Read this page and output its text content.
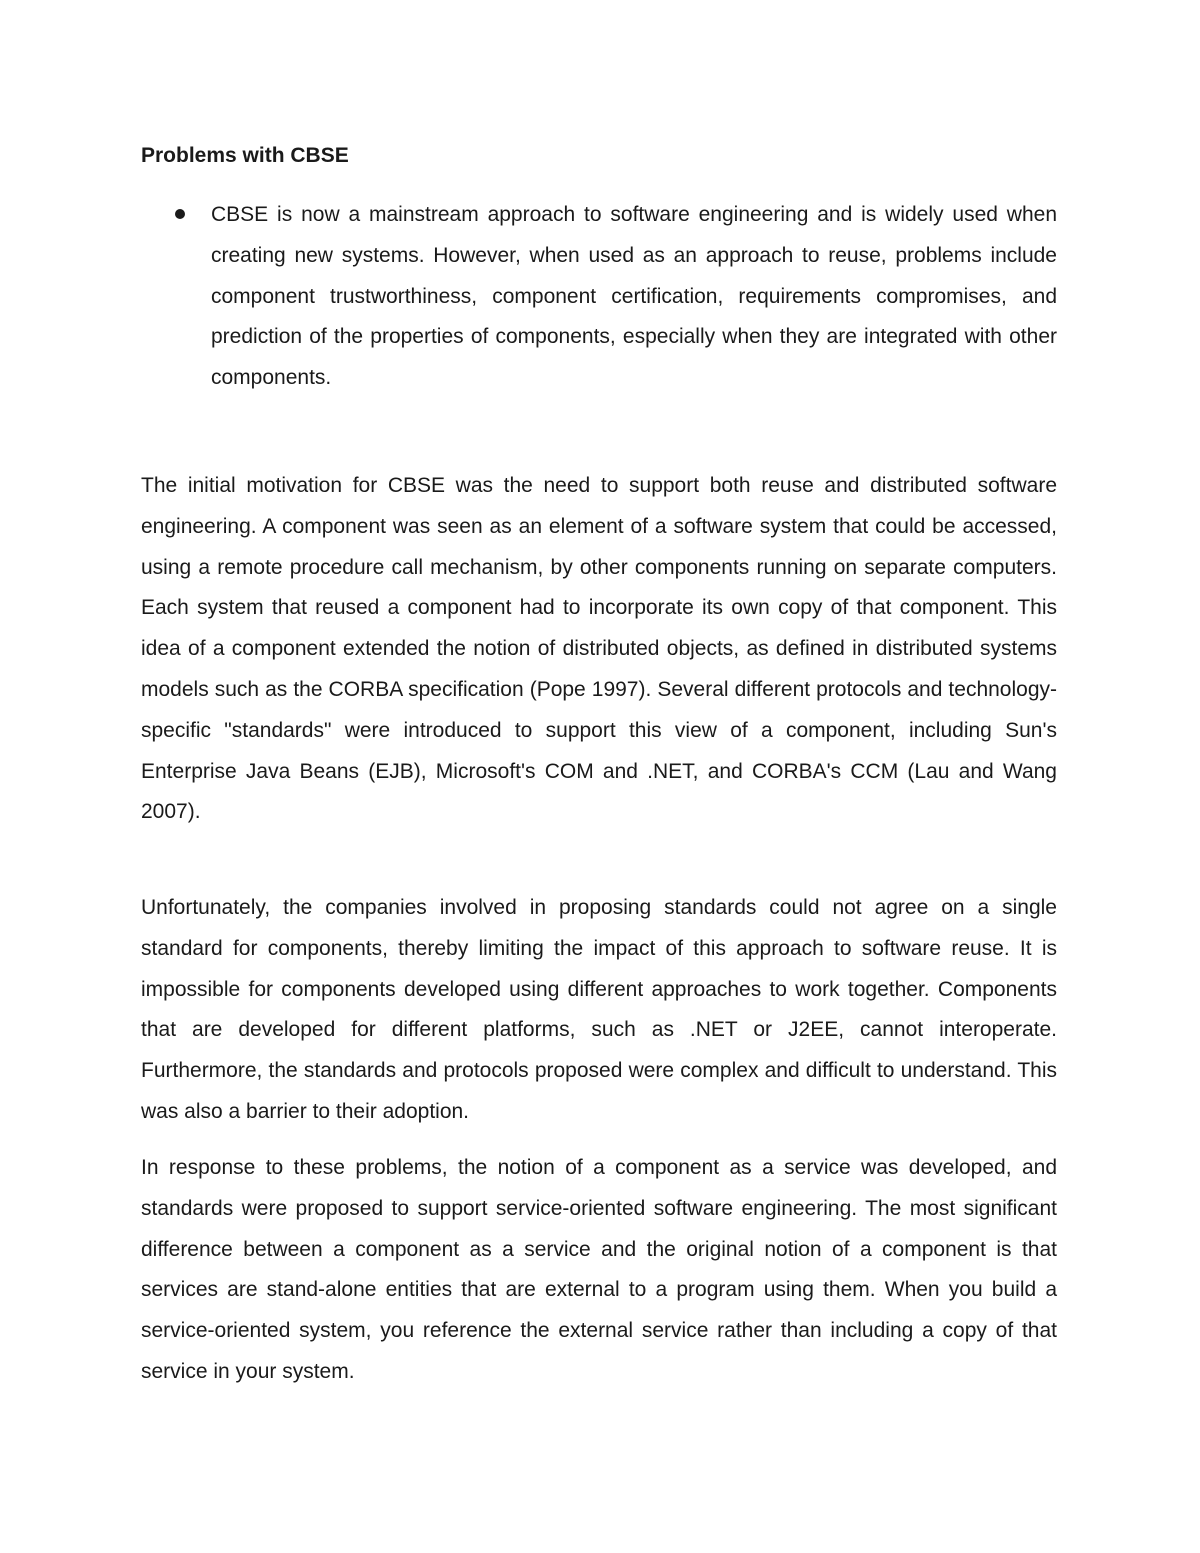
Problems with CBSE
CBSE is now a mainstream approach to software engineering and is widely used when creating new systems. However, when used as an approach to reuse, problems include component trustworthiness, component certification, requirements compromises, and prediction of the properties of components, especially when they are integrated with other components.

The initial motivation for CBSE was the need to support both reuse and distributed software engineering. A component was seen as an element of a software system that could be accessed, using a remote procedure call mechanism, by other components running on separate computers. Each system that reused a component had to incorporate its own copy of that component. This idea of a component extended the notion of distributed objects, as defined in distributed systems models such as the CORBA specification (Pope 1997). Several different protocols and technology-specific "standards" were introduced to support this view of a component, including Sun's Enterprise Java Beans (EJB), Microsoft's COM and .NET, and CORBA's CCM (Lau and Wang 2007).

Unfortunately, the companies involved in proposing standards could not agree on a single standard for components, thereby limiting the impact of this approach to software reuse. It is impossible for components developed using different approaches to work together. Components that are developed for different platforms, such as .NET or J2EE, cannot interoperate. Furthermore, the standards and protocols proposed were complex and difficult to understand. This was also a barrier to their adoption.

In response to these problems, the notion of a component as a service was developed, and standards were proposed to support service-oriented software engineering. The most significant difference between a component as a service and the original notion of a component is that services are stand-alone entities that are external to a program using them. When you build a service-oriented system, you reference the external service rather than including a copy of that service in your system.
